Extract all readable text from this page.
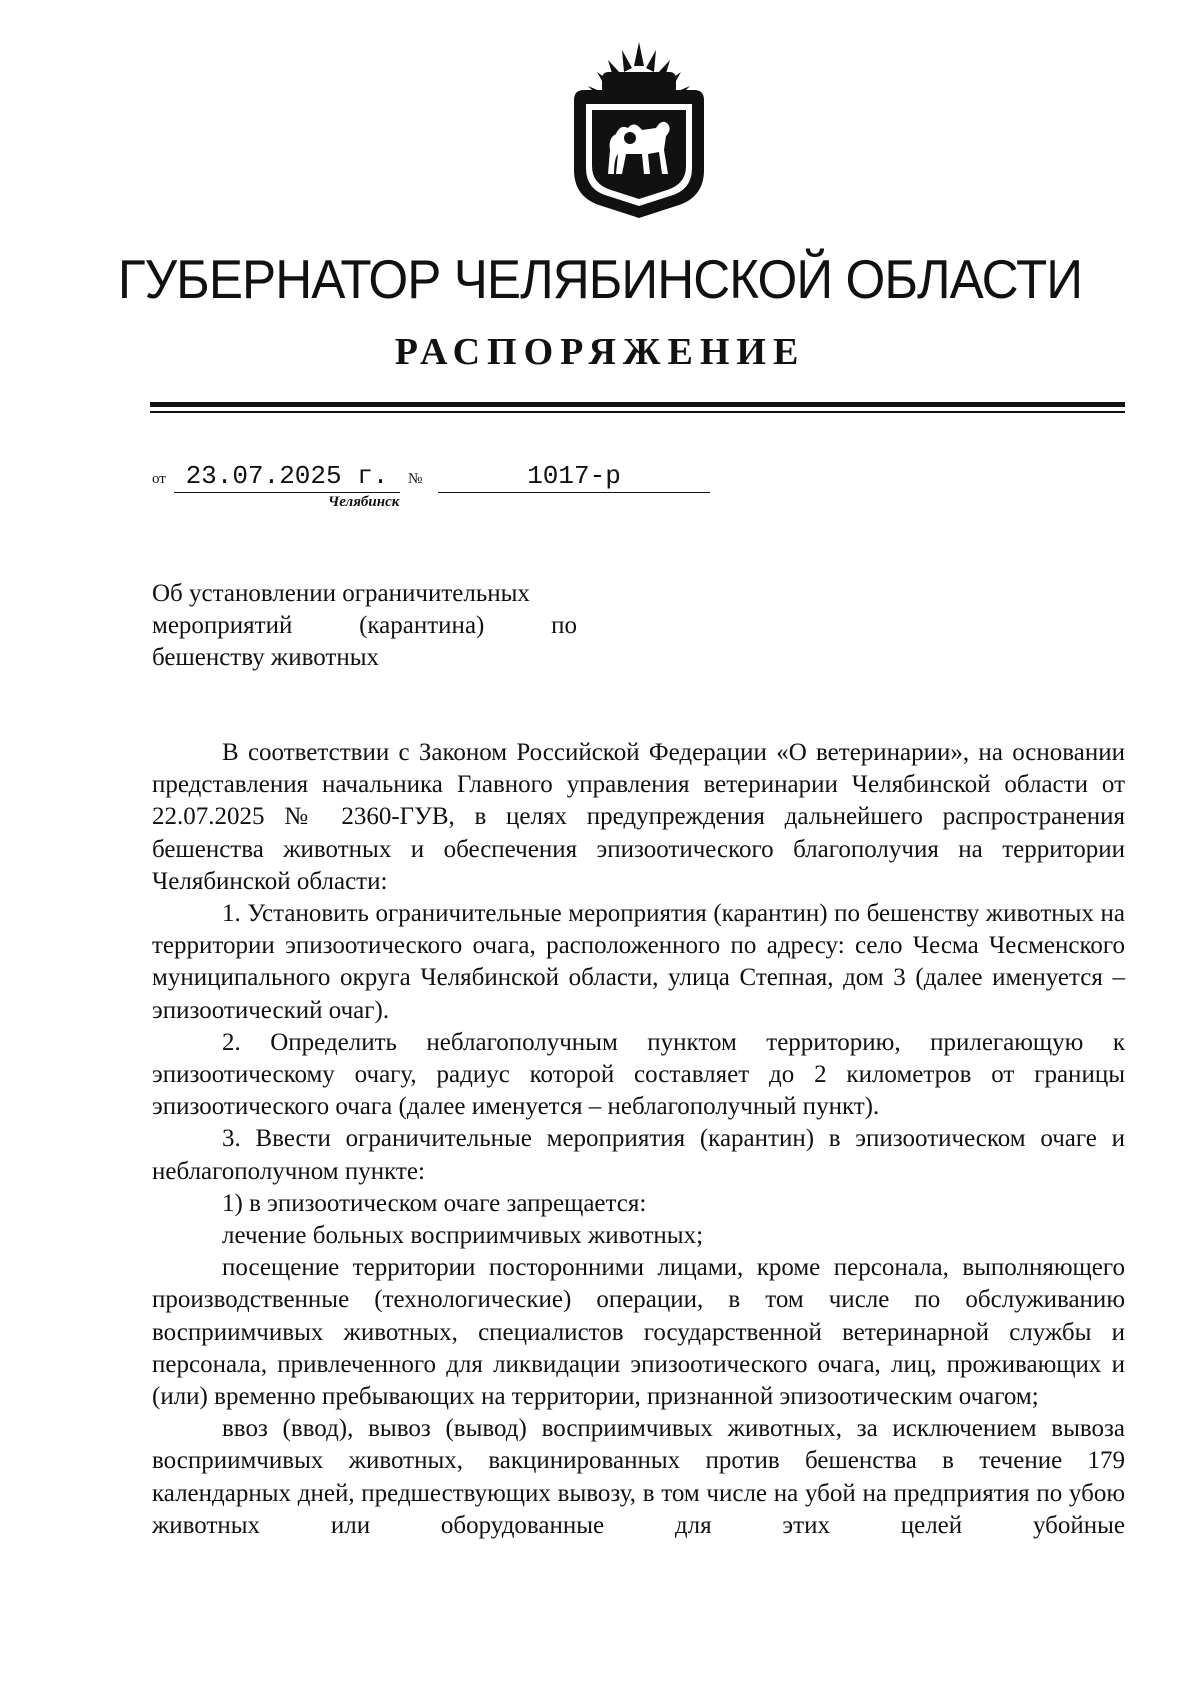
ГУБЕРНАТОР ЧЕЛЯБИНСКОЙ ОБЛАСТИ
РАСПОРЯЖЕНИЕ
от 23.07.2025 г.	№	1017-р
Челябинск
Об установлении ограничительных
мероприятий	(карантина)	по
бешенству животных

В соответствии с Законом Российской Федерации «О ветеринарии», на основании представления начальника Главного управления ветеринарии Челябинской области от 22.07.2025 № 2360-ГУВ, в целях предупреждения дальнейшего распространения бешенства животных и обеспечения эпизоотического благополучия на территории Челябинской области:

1. Установить ограничительные мероприятия (карантин) по бешенству животных на территории эпизоотического очага, расположенного по адресу: село Чесма Чесменского муниципального округа Челябинской области, улица Степная, дом 3 (далее именуется – эпизоотический очаг).

2. Определить неблагополучным пунктом территорию, прилегающую к эпизоотическому очагу, радиус которой составляет до 2 километров от границы эпизоотического очага (далее именуется – неблагополучный пункт).

3. Ввести ограничительные мероприятия (карантин) в эпизоотическом очаге и неблагополучном пункте:

1) в эпизоотическом очаге запрещается:

лечение больных восприимчивых животных;

посещение территории посторонними лицами, кроме персонала, выполняющего производственные (технологические) операции, в том числе по обслуживанию восприимчивых животных, специалистов государственной ветеринарной службы и персонала, привлеченного для ликвидации эпизоотического очага, лиц, проживающих и (или) временно пребывающих на территории, признанной эпизоотическим очагом;

ввоз (ввод), вывоз (вывод) восприимчивых животных, за исключением вывоза восприимчивых животных, вакцинированных против бешенства в течение 179 календарных дней, предшествующих вывозу, в том числе на убой на предприятия по убою животных или оборудованные для этих целей убойные
